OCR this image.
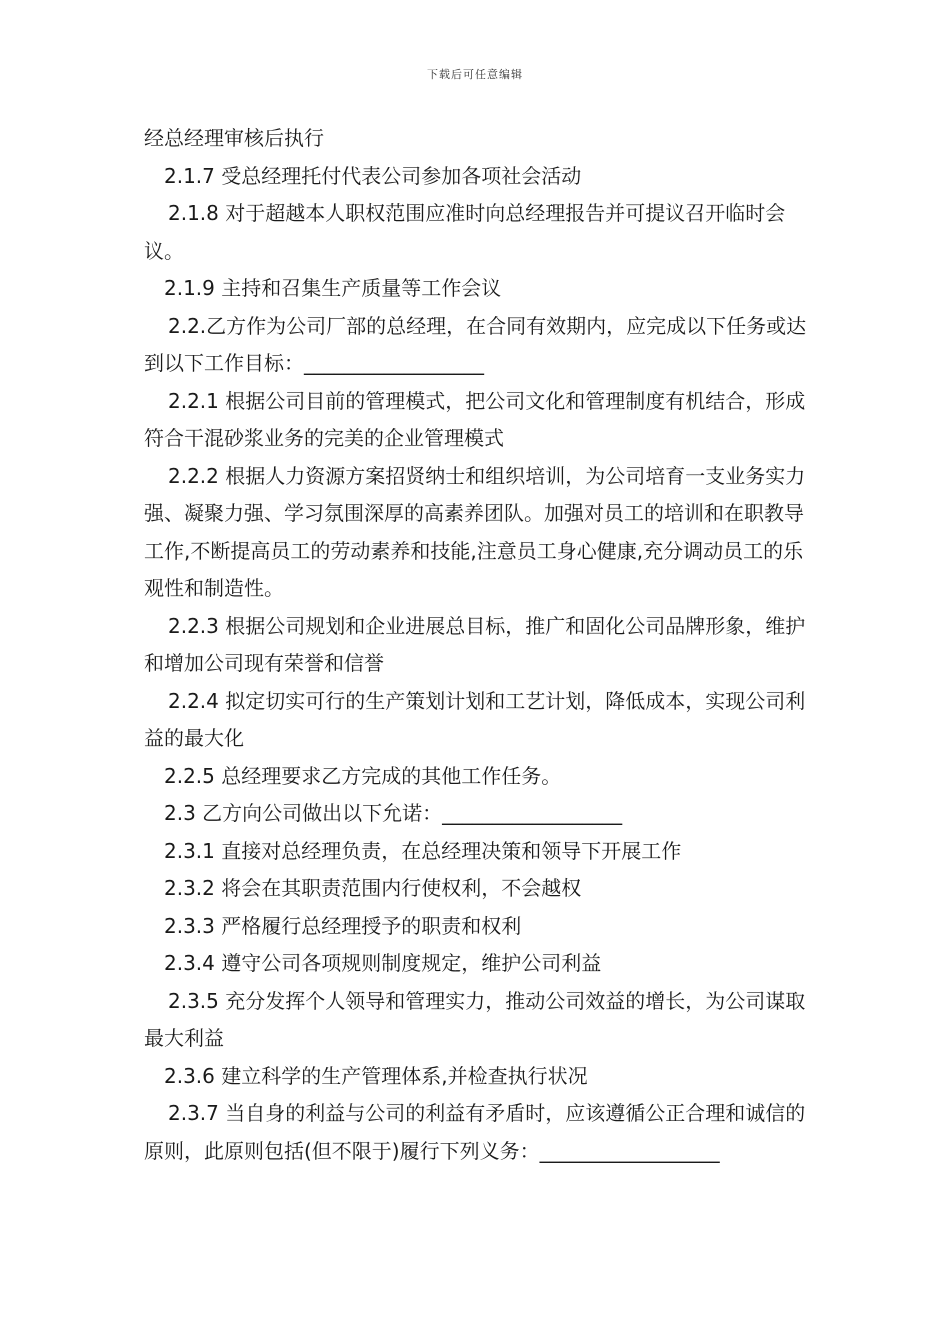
下载后可任意编辑

经总经理审核后执行

2.1.7 受总经理托付代表公司参加各项社会活动

2.1.8 对于超越本人职权范围应准时向总经理报告并可提议召开临时会议。

2.1.9 主持和召集生产质量等工作会议

2.2.乙方作为公司厂部的总经理，在合同有效期内，应完成以下任务或达到以下工作目标：__________________

2.2.1 根据公司目前的管理模式，把公司文化和管理制度有机结合，形成符合干混砂浆业务的完美的企业管理模式

2.2.2 根据人力资源方案招贤纳士和组织培训，为公司培育一支业务实力强、凝聚力强、学习氛围深厚的高素养团队。加强对员工的培训和在职教导工作,不断提高员工的劳动素养和技能,注意员工身心健康,充分调动员工的乐观性和制造性。

2.2.3 根据公司规划和企业进展总目标，推广和固化公司品牌形象，维护和增加公司现有荣誉和信誉

2.2.4 拟定切实可行的生产策划计划和工艺计划，降低成本，实现公司利益的最大化

2.2.5 总经理要求乙方完成的其他工作任务。

2.3 乙方向公司做出以下允诺：__________________

2.3.1 直接对总经理负责，在总经理决策和领导下开展工作

2.3.2 将会在其职责范围内行使权利，不会越权

2.3.3 严格履行总经理授予的职责和权利

2.3.4 遵守公司各项规则制度规定，维护公司利益

2.3.5 充分发挥个人领导和管理实力，推动公司效益的增长，为公司谋取最大利益

2.3.6 建立科学的生产管理体系,并检查执行状况

2.3.7 当自身的利益与公司的利益有矛盾时，应该遵循公正合理和诚信的原则，此原则包括(但不限于)履行下列义务：__________________
